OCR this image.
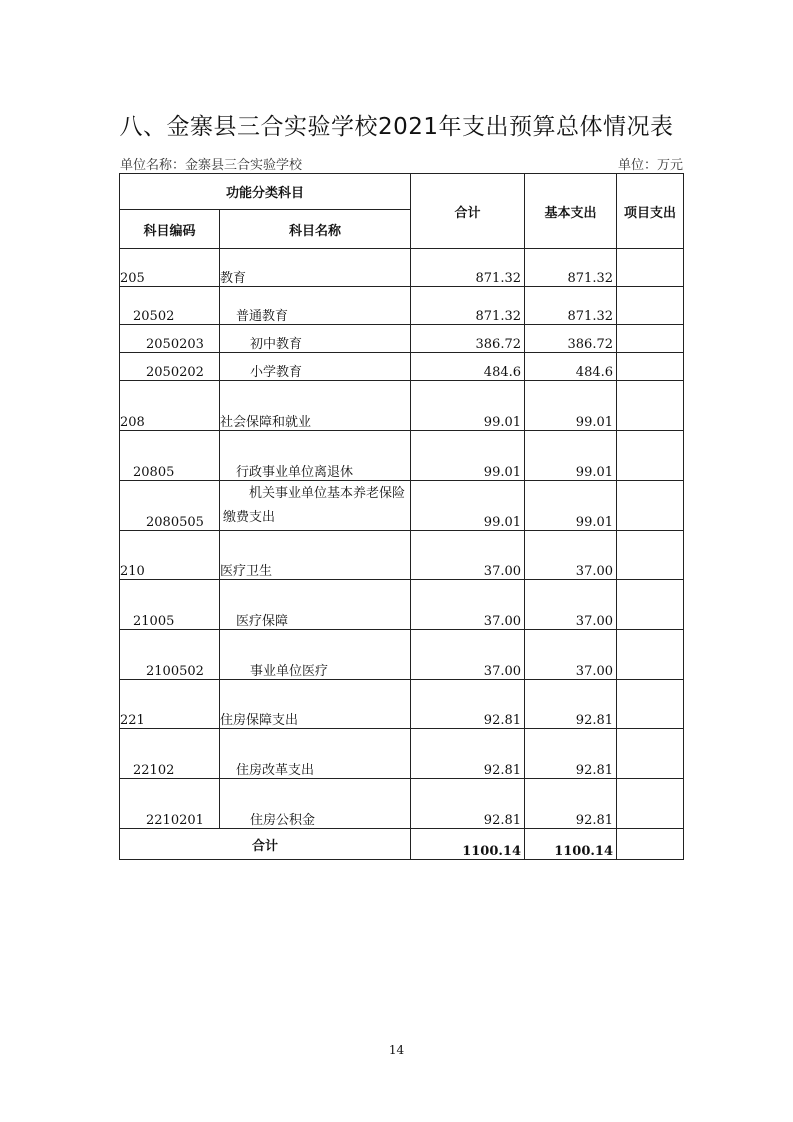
八、金寨县三合实验学校2021年支出预算总体情况表
单位名称：金寨县三合实验学校	单位：万元
功能分类科目		合计	基本支出	项目支出
科目编码	科目名称			
205	教育	871.32	871.32	
20502	普通教育	871.32	871.32	
2050203	初中教育	386.72	386.72	
2050202	小学教育	484.6	484.6	
208	社会保障和就业	99.01	99.01	
20805	行政事业单位离退休	99.01	99.01	
2080505	机关事业单位基本养老保险缴费支出	99.01	99.01	
210	医疗卫生	37.00	37.00	
21005	医疗保障	37.00	37.00	
2100502	事业单位医疗	37.00	37.00	
221	住房保障支出	92.81	92.81	
22102	住房改革支出	92.81	92.81	
2210201	住房公积金	92.81	92.81	
合计		1100.14	1100.14	
14
